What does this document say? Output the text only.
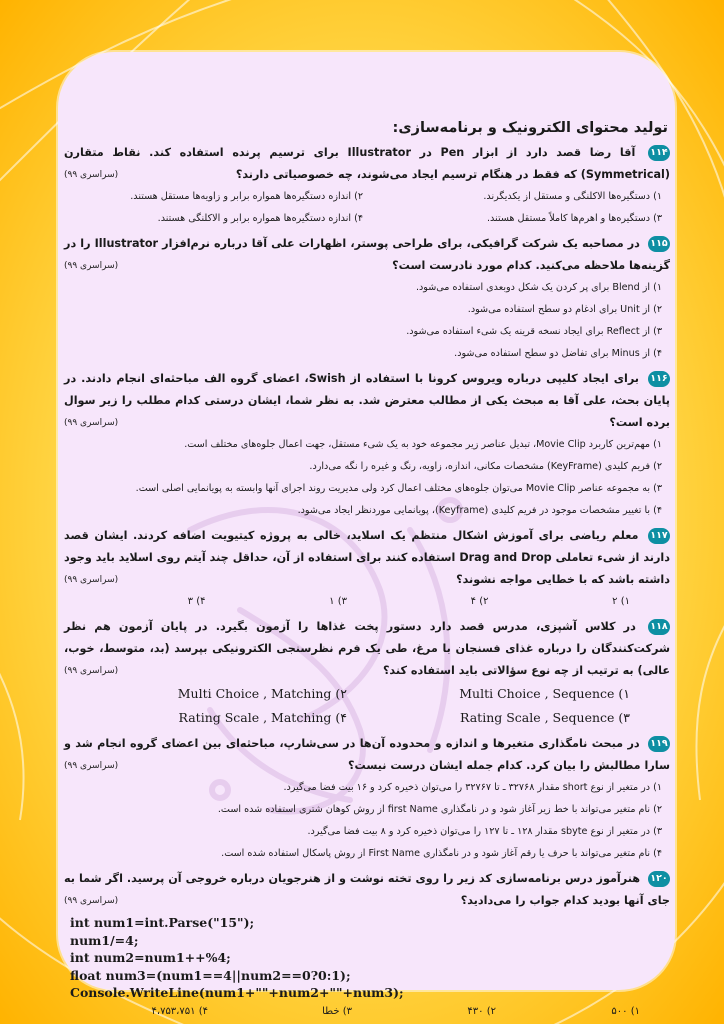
تولید محتوای الکترونیک و برنامه‌سازی:
۱۱۴ آقا رضا قصد دارد از ابزار Pen در Illustrator برای ترسیم پرنده استفاده کند. نقاط متقارن (Symmetrical) که فقط در هنگام ترسیم ایجاد می‌شوند، چه خصوصیاتی دارند؟
(سراسری ۹۹)
۱) دستگیره‌ها الاکلنگی و مستقل از یکدیگرند.
۲) اندازه دستگیره‌ها همواره برابر و زاویه‌ها مستقل هستند.
۳) دستگیره‌ها و اهرم‌ها کاملاً مستقل هستند.
۴) اندازه دستگیره‌ها همواره برابر و الاکلنگی هستند.
۱۱۵ در مصاحبه یک شرکت گرافیکی، برای طراحی پوستر، اظهارات علی آقا درباره نرم‌افزار Illustrator را در گزینه‌ها ملاحظه می‌کنید. کدام مورد نادرست است؟
(سراسری ۹۹)
۱) از Blend برای پر کردن یک شکل دوبعدی استفاده می‌شود.
۲) از Unit برای ادغام دو سطح استفاده می‌شود.
۳) از Reflect برای ایجاد نسخه قرینه یک شیء استفاده می‌شود.
۴) از Minus برای تفاضل دو سطح استفاده می‌شود.
۱۱۶ برای ایجاد کلیپی درباره ویروس کرونا با استفاده از Swish، اعضای گروه الف مباحثه‌ای انجام دادند. در پایان بحث، علی آقا به مبحث یکی از مطالب معترض شد. به نظر شما، ایشان درستی کدام مطلب را زیر سوال برده است؟
(سراسری ۹۹)
۱) مهم‌ترین کاربرد Movie Clip، تبدیل عناصر زیر مجموعه خود به یک شیء مستقل، جهت اعمال جلوه‌های مختلف است.
۲) فریم کلیدی (KeyFrame) مشخصات مکانی، اندازه، زاویه، رنگ و غیره را نگه می‌دارد.
۳) به مجموعه عناصر Movie Clip می‌توان جلوه‌های مختلف اعمال کرد ولی مدیریت روند اجرای آنها وابسته به پویانمایی اصلی است.
۴) با تغییر مشخصات موجود در فریم کلیدی (Keyframe)، پویانمایی موردنظر ایجاد می‌شود.
۱۱۷ معلم ریاضی برای آموزش اشکال منتظم یک اسلاید، خالی به پروژه کیتیویت اضافه کردند. ایشان قصد دارند از شیء تعاملی Drag and Drop استفاده کنند برای استفاده از آن، حداقل چند آیتم روی اسلاید باید وجود داشته باشد که با خطایی مواجه نشوند؟
(سراسری ۹۹)
۱) ۲
۲) ۴
۳) ۱
۴) ۳
۱۱۸ در کلاس آشپزی، مدرس قصد دارد دستور پخت غذاها را آزمون بگیرد. در پایان آزمون هم نظر شرکت‌کنندگان را درباره غذای فسنجان با مرغ، طی یک فرم نظرسنجی الکترونیکی بپرسد (بد، متوسط، خوب، عالی) به ترتیب از چه نوع سؤالاتی باید استفاده کند؟
(سراسری ۹۹)
۱) Multi Choice , Sequence
۲) Multi Choice , Matching
۳) Rating Scale , Sequence
۴) Rating Scale , Matching
۱۱۹ در مبحث نامگذاری متغیرها و اندازه و محدوده آن‌ها در سی‌شارپ، مباحثه‌ای بین اعضای گروه انجام شد و سارا مطالبش را بیان کرد. کدام جمله ایشان درست نیست؟
(سراسری ۹۹)
۱) در متغیر از نوع short مقدار ۳۲۷۶۸ ـ تا ۳۲۷۶۷ را می‌توان ذخیره کرد و ۱۶ بیت فضا می‌گیرد.
۲) نام متغیر می‌تواند با خط زیر آغاز شود و در نامگذاری first Name از روش کوهان شتری استفاده شده است.
۳) در متغیر از نوع sbyte مقدار ۱۲۸ ـ تا ۱۲۷ را می‌توان ذخیره کرد و ۸ بیت فضا می‌گیرد.
۴) نام متغیر می‌تواند با حرف یا رقم آغاز شود و در نامگذاری First Name از روش پاسکال استفاده شده است.
۱۲۰ هنرآموز درس برنامه‌سازی کد زیر را روی تخته نوشت و از هنرجویان درباره خروجی آن پرسید. اگر شما به جای آنها بودید کدام جواب را می‌دادید؟
(سراسری ۹۹)
int num1=int.Parse("15");
num1/=4;
int num2=num1++%4;
float num3=(num1==4||num2==0?0:1);
Console.WriteLine(num1+""+num2+""+num3);
۱) ۵۰۰
۲) ۴۳۰
۳) خطا
۴) ۴،۷۵۳،۷۵۱
